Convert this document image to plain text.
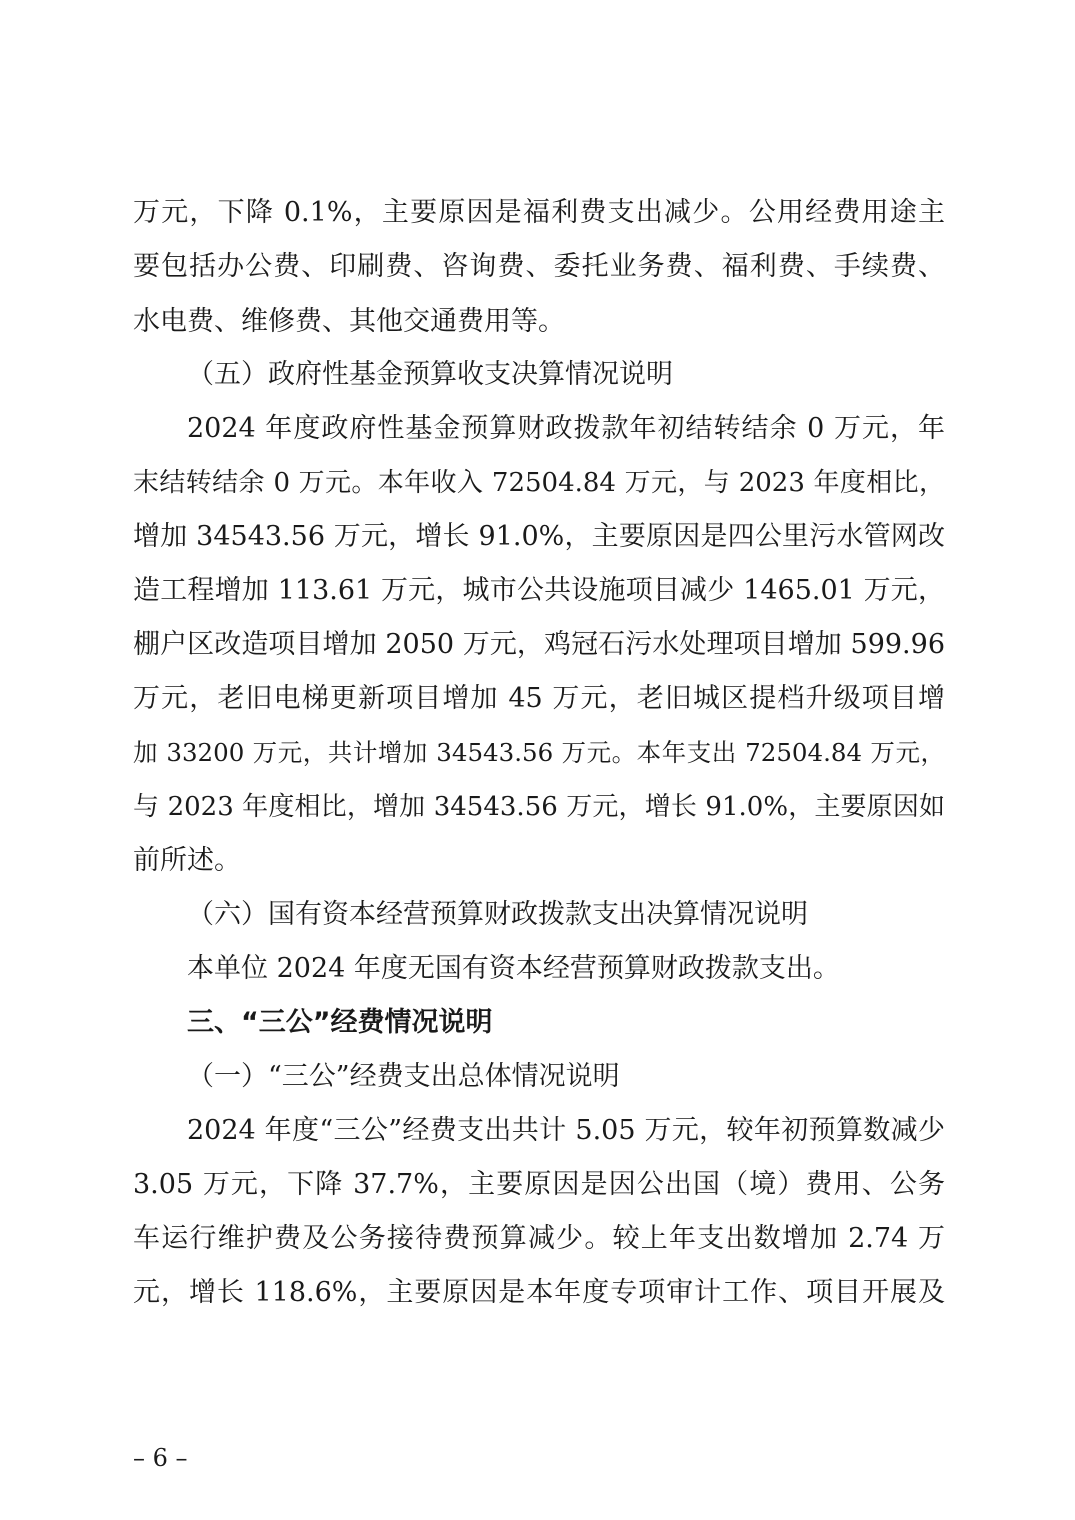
万元，下降 0.1%，主要原因是福利费支出减少。公用经费用途主
要包括办公费、印刷费、咨询费、委托业务费、福利费、手续费、
水电费、维修费、其他交通费用等。
（五）政府性基金预算收支决算情况说明
2024 年度政府性基金预算财政拨款年初结转结余 0 万元，年
末结转结余 0 万元。本年收入 72504.84 万元，与 2023 年度相比，
增加 34543.56 万元，增长 91.0%，主要原因是四公里污水管网改
造工程增加 113.61 万元，城市公共设施项目减少 1465.01 万元，
棚户区改造项目增加 2050 万元，鸡冠石污水处理项目增加 599.96
万元，老旧电梯更新项目增加 45 万元，老旧城区提档升级项目增
加 33200 万元，共计增加 34543.56 万元。本年支出 72504.84 万元，
与 2023 年度相比，增加 34543.56 万元，增长 91.0%，主要原因如
前所述。
（六）国有资本经营预算财政拨款支出决算情况说明
本单位 2024 年度无国有资本经营预算财政拨款支出。
三、“三公”经费情况说明
（一）“三公”经费支出总体情况说明
2024 年度“三公”经费支出共计 5.05 万元，较年初预算数减少
3.05 万元，下降 37.7%，主要原因是因公出国（境）费用、公务
车运行维护费及公务接待费预算减少。较上年支出数增加 2.74 万
元，增长 118.6%，主要原因是本年度专项审计工作、项目开展及
– 6 –
